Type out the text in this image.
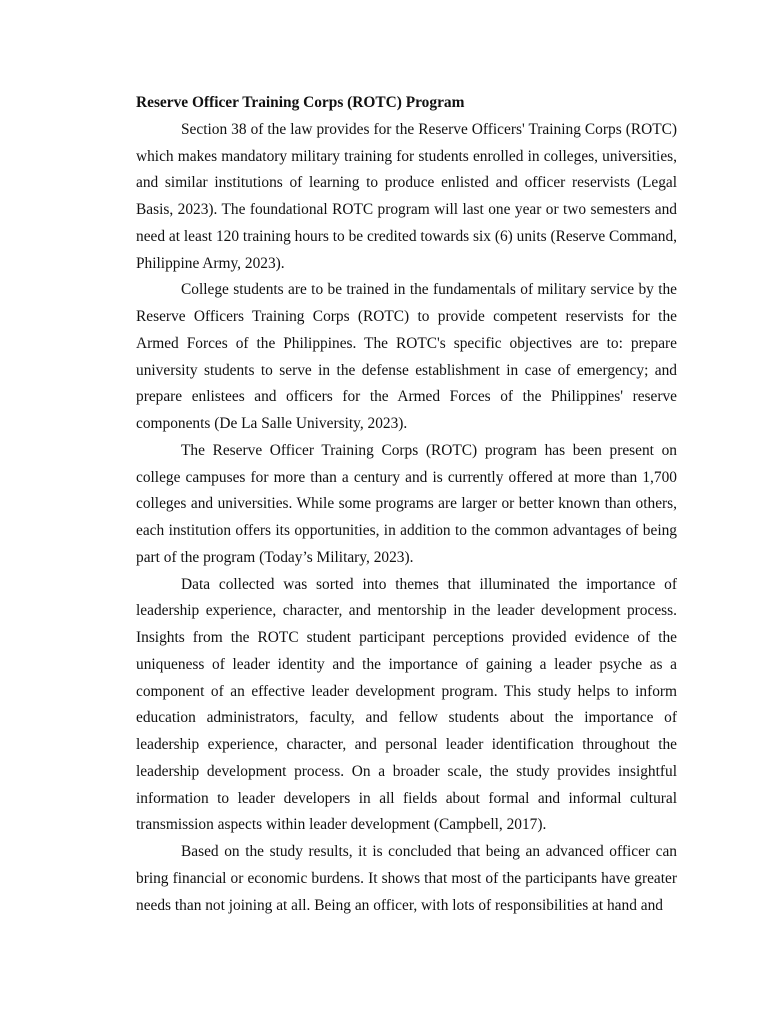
Reserve Officer Training Corps (ROTC) Program

Section 38 of the law provides for the Reserve Officers' Training Corps (ROTC) which makes mandatory military training for students enrolled in colleges, universities, and similar institutions of learning to produce enlisted and officer reservists (Legal Basis, 2023). The foundational ROTC program will last one year or two semesters and need at least 120 training hours to be credited towards six (6) units (Reserve Command, Philippine Army, 2023).

College students are to be trained in the fundamentals of military service by the Reserve Officers Training Corps (ROTC) to provide competent reservists for the Armed Forces of the Philippines. The ROTC's specific objectives are to: prepare university students to serve in the defense establishment in case of emergency; and prepare enlistees and officers for the Armed Forces of the Philippines' reserve components (De La Salle University, 2023).

The Reserve Officer Training Corps (ROTC) program has been present on college campuses for more than a century and is currently offered at more than 1,700 colleges and universities. While some programs are larger or better known than others, each institution offers its opportunities, in addition to the common advantages of being part of the program (Today’s Military, 2023).

Data collected was sorted into themes that illuminated the importance of leadership experience, character, and mentorship in the leader development process. Insights from the ROTC student participant perceptions provided evidence of the uniqueness of leader identity and the importance of gaining a leader psyche as a component of an effective leader development program. This study helps to inform education administrators, faculty, and fellow students about the importance of leadership experience, character, and personal leader identification throughout the leadership development process. On a broader scale, the study provides insightful information to leader developers in all fields about formal and informal cultural transmission aspects within leader development (Campbell, 2017).

Based on the study results, it is concluded that being an advanced officer can bring financial or economic burdens. It shows that most of the participants have greater needs than not joining at all. Being an officer, with lots of responsibilities at hand and
